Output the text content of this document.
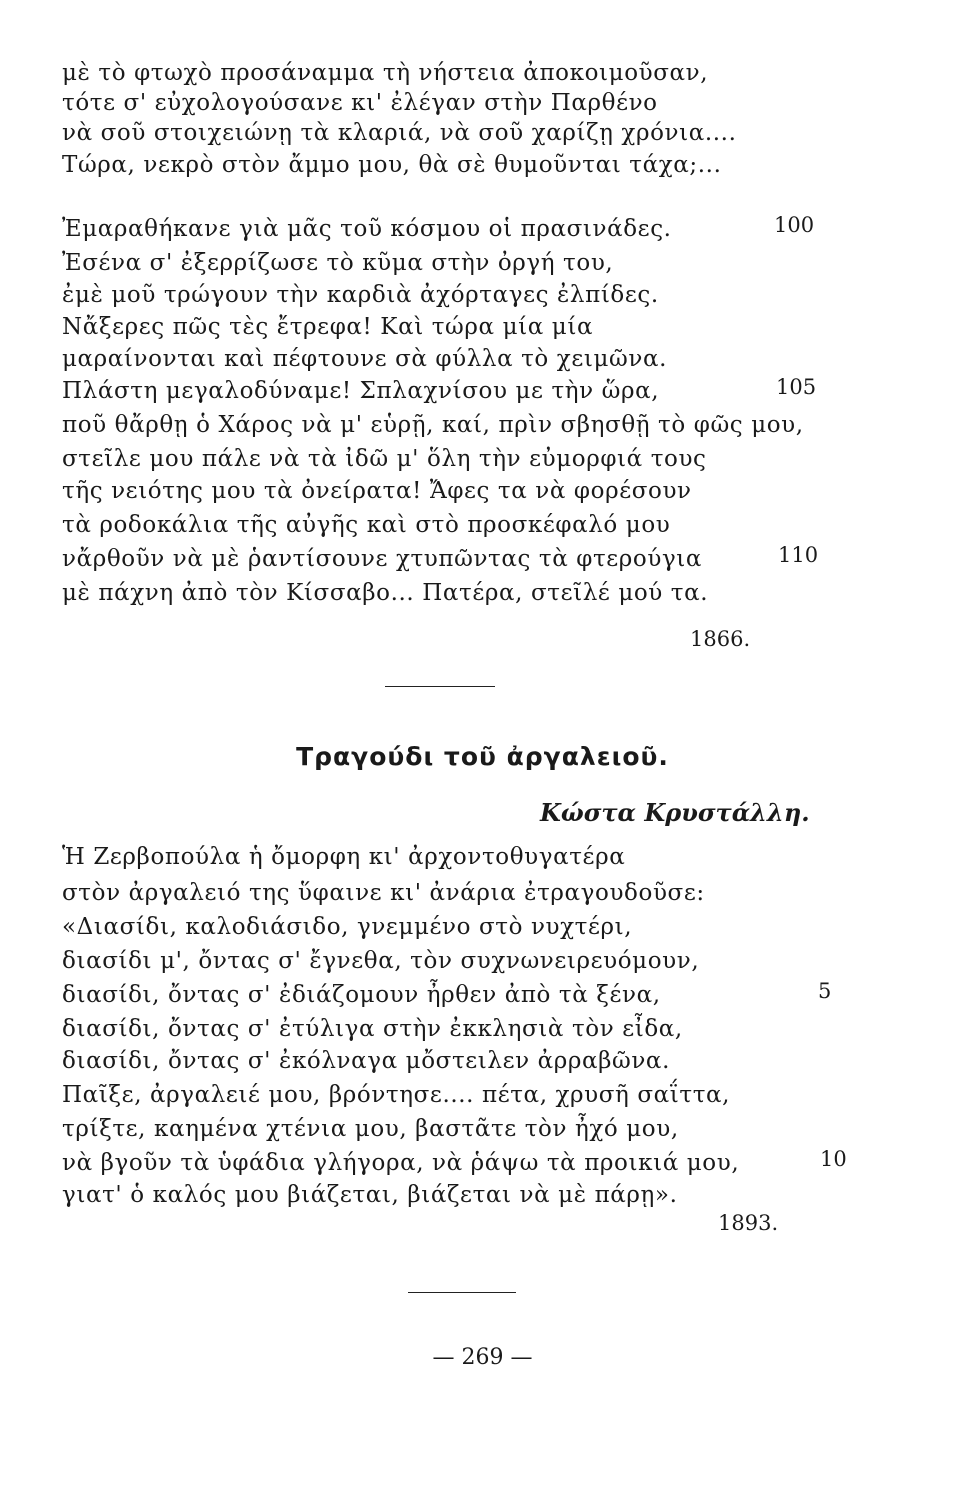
μὲ τὸ φτωχὸ προσάναμμα τὴ νήστεια ἀποκοιμοῦσαν,
τότε σ' εὐχολογούσανε κι' ἐλέγαν στὴν Παρθένο
νὰ σοῦ στοιχειώνῃ τὰ κλαριά, νὰ σοῦ χαρίζῃ χρόνια....
Τώρα, νεκρὸ στὸν ἄμμο μου, θὰ σὲ θυμοῦνται τάχα;...
Ἐμαραθήκανε γιὰ μᾶς τοῦ κόσμου οἱ πρασινάδες.
Ἐσένα σ' ἐξερρίζωσε τὸ κῦμα στὴν ὀργή του,
ἐμὲ μοῦ τρώγουν τὴν καρδιὰ ἀχόρταγες ἐλπίδες.
Νἄξερες πῶς τὲς ἔτρεφα! Καὶ τώρα μία μία
μαραίνονται καὶ πέφτουνε σὰ φύλλα τὸ χειμῶνα.
Πλάστη μεγαλοδύναμε! Σπλαχνίσου με τὴν ὥρα,
ποῦ θἄρθῃ ὁ Χάρος νὰ μ' εὑρῇ, καί, πρὶν σβησθῇ τὸ φῶς μου,
στεῖλε μου πάλε νὰ τὰ ἰδῶ μ' ὅλη τὴν εὐμορφιά τους
τῆς νειότης μου τὰ ὀνείρατα! Ἄφες τα νὰ φορέσουν
τὰ ροδοκάλια τῆς αὐγῆς καὶ στὸ προσκέφαλό μου
νἄρθοῦν νὰ μὲ ῥαντίσουνε χτυπῶντας τὰ φτερούγια
μὲ πάχνη ἀπὸ τὸν Κίσσαβο... Πατέρα, στεῖλέ μού τα.
100
105
110
1866.
Τραγούδι τοῦ ἀργαλειοῦ.
Κώστα Κρυστάλλη.
Ἡ Ζερβοπούλα ἡ ὄμορφη κι' ἀρχοντοθυγατέρα
στὸν ἀργαλειό της ὕφαινε κι' ἀνάρια ἐτραγουδοῦσε:
«Διασίδι, καλοδιάσιδο, γνεμμένο στὸ νυχτέρι,
διασίδι μ', ὄντας σ' ἔγνεθα, τὸν συχνωνειρευόμουν,
διασίδι, ὄντας σ' ἐδιάζομουν ἦρθεν ἀπὸ τὰ ξένα,
διασίδι, ὄντας σ' ἐτύλιγα στὴν ἐκκλησιὰ τὸν εἶδα,
διασίδι, ὄντας σ' ἐκόλναγα μὄστειλεν ἀρραβῶνα.
Παῖξε, ἀργαλειέ μου, βρόντησε.... πέτα, χρυσῆ σαΐττα,
τρίξτε, καημένα χτένια μου, βαστᾶτε τὸν ἦχό μου,
νὰ βγοῦν τὰ ὑφάδια γλήγορα, νὰ ῥάψω τὰ προικιά μου,
γιατ' ὁ καλός μου βιάζεται, βιάζεται νὰ μὲ πάρῃ».
5
10
1893.
— 269 —
